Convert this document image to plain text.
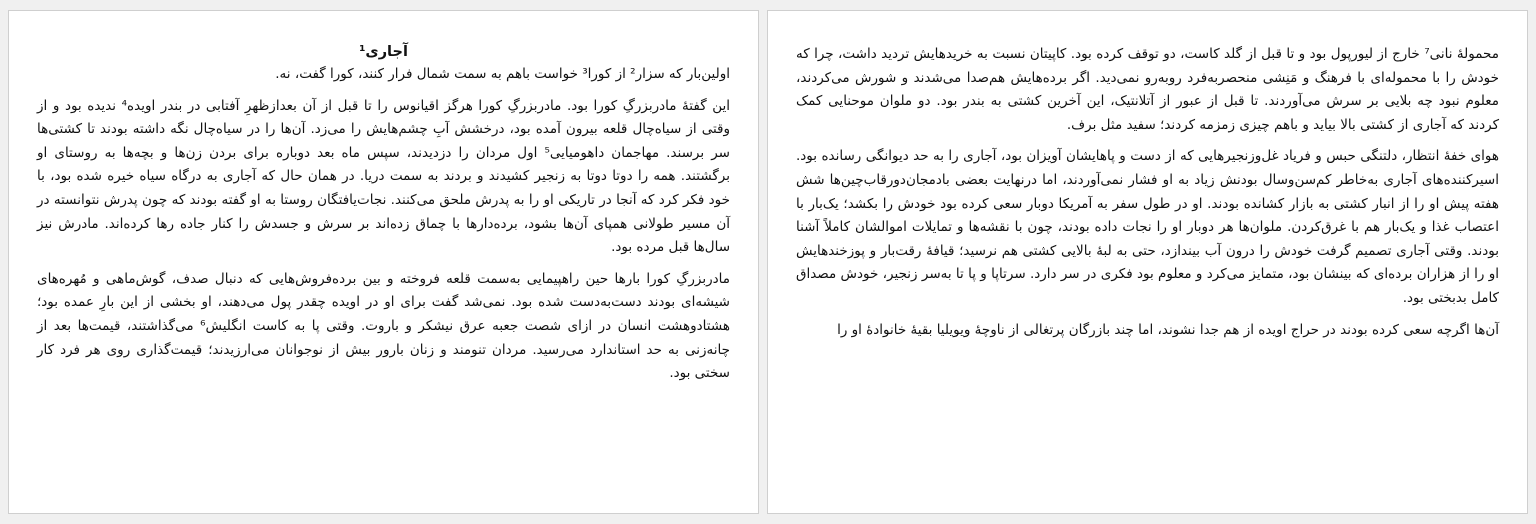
آجاری¹

اولین‌بار که سزار² از کورا³ خواست باهم به سمت شمال فرار کنند، کورا گفت، نه.

این گفتهٔ مادربزرگِ کورا بود. مادربزرگِ کورا هرگز اقیانوس را تا قبل از آن بعدازظهرِ آفتابی در بندر اویده⁴ ندیده بود و از وقتی از سیاه‌چال قلعه بیرون آمده بود، درخشش آبِ چشم‌هایش را می‌زد. آن‌ها را در سیاه‌چال نگه داشته بودند تا کشتی‌ها سر برسند. مهاجمان داهومیایی⁵ اول مردان را دزدیدند، سپس ماه بعد دوباره برای بردن زن‌ها و بچه‌ها به روستای او برگشتند. همه را دوتا دوتا به زنجیر کشیدند و بردند به سمت دریا. در همان حال که آجاری به درگاه سیاه خیره شده بود، با خود فکر کرد که آنجا در تاریکی او را به پدرش ملحق می‌کنند. نجات‌یافتگان روستا به او گفته بودند که چون پدرش نتوانسته در آن مسیر طولانی همپای آن‌ها بشود، برده‌دارها با چماق زده‌اند بر سرش و جسدش را کنار جاده رها کرده‌اند. مادرش نیز سال‌ها قبل مرده بود.

مادربزرگِ کورا بارها حین راهپیمایی به‌سمت قلعه فروخته و بین برده‌فروش‌هایی که دنبال صدف، گوش‌ماهی و مُهره‌های شیشه‌ای بودند دست‌به‌دست شده بود. نمی‌شد گفت برای او در اویده چقدر پول می‌دهند، او بخشی از این بارِ عمده بود؛ هشتادوهشت انسان در ازای شصت جعبه عرق نیشکر و باروت. وقتی پا به کاست انگلیش⁶ می‌گذاشتند، قیمت‌ها بعد از چانه‌زنی به حد استاندارد می‌رسید. مردان تنومند و زنان بارور بیش از نوجوانان می‌ارزیدند؛ قیمت‌گذاری روی هر فرد کار سختی بود.

محمولهٔ نانی⁷ خارج از لیورپول بود و تا قبل از گلد کاست، دو توقف کرده بود. کاپیتان نسبت به خریدهایش تردید داشت، چرا که خودش را با محموله‌ای با فرهنگ و مَنِشی منحصربه‌فرد روبه‌رو نمی‌دید. اگر برده‌هایش هم‌صدا می‌شدند و شورش می‌کردند، معلوم نبود چه بلایی بر سرش می‌آوردند. تا قبل از عبور از آتلانتیک، این آخرین کشتی به بندر بود. دو ملوان موحنایی کمک کردند که آجاری از کشتی بالا بیاید و باهم چیزی زمزمه کردند؛ سفید مثل برف.

هوای خفهٔ انتظار، دلتنگی حبس و فریاد غل‌وزنجیرهایی که از دست و پاهایشان آویزان بود، آجاری را به حد دیوانگی رسانده بود. اسیرکننده‌های آجاری به‌خاطر کم‌سن‌وسال بودنش زیاد به او فشار نمی‌آوردند، اما درنهایت بعضی بادمجان‌دورقاب‌چین‌ها شش هفته پیش او را از انبار کشتی به بازار کشانده بودند. او در طول سفر به آمریکا دوبار سعی کرده بود خودش را بکشد؛ یک‌بار با اعتصاب غذا و یک‌بار هم با غرق‌کردن. ملوان‌ها هر دوبار او را نجات داده بودند، چون با نقشه‌ها و تمایلات اموالشان کاملاً آشنا بودند. وقتی آجاری تصمیم گرفت خودش را درون آب بیندازد، حتی به لبهٔ بالایی کشتی هم نرسید؛ قیافهٔ رقت‌بار و پوزخندهایش او را از هزاران برده‌ای که بینشان بود، متمایز می‌کرد و معلوم بود فکری در سر دارد. سرتاپا و پا تا به‌سر زنجیر، خودش مصداق کامل بدبختی بود.

آن‌ها اگرچه سعی کرده بودند در حراج اویده از هم جدا نشوند، اما چند بازرگان پرتغالی از ناوچهٔ ویویلیا بقیهٔ خانوادهٔ او را
